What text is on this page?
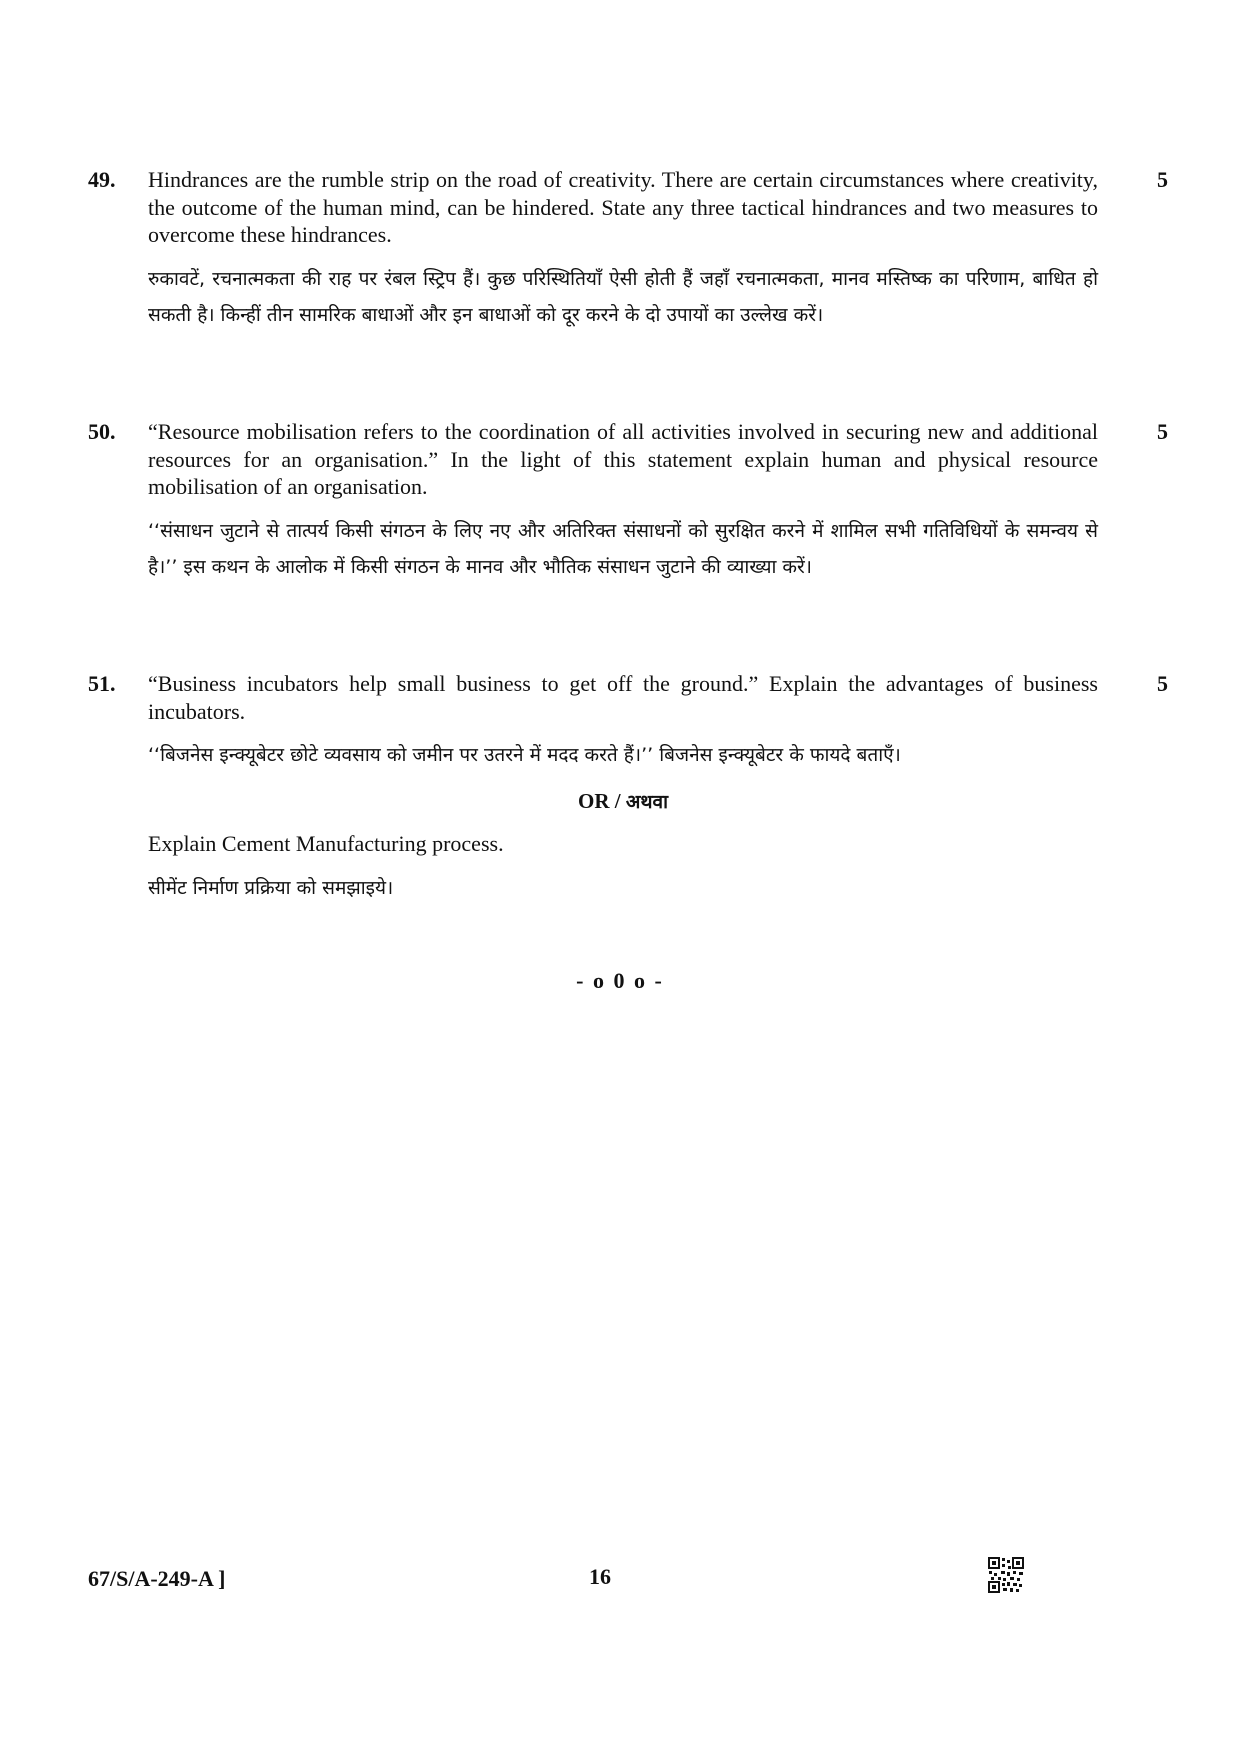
49.	5

Hindrances are the rumble strip on the road of creativity. There are certain circumstances where creativity, the outcome of the human mind, can be hindered. State any three tactical hindrances and two measures to overcome these hindrances.

रुकावटें, रचनात्मकता की राह पर रंबल स्ट्रिप हैं। कुछ परिस्थितियाँ ऐसी होती हैं जहाँ रचनात्मकता, मानव मस्तिष्क का परिणाम, बाधित हो सकती है। किन्हीं तीन सामरिक बाधाओं और इन बाधाओं को दूर करने के दो उपायों का उल्लेख करें।

50.	5

“Resource mobilisation refers to the coordination of all activities involved in securing new and additional resources for an organisation.” In the light of this statement explain human and physical resource mobilisation of an organisation.

‘‘संसाधन जुटाने से तात्पर्य किसी संगठन के लिए नए और अतिरिक्त संसाधनों को सुरक्षित करने में शामिल सभी गतिविधियों के समन्वय से है।’’ इस कथन के आलोक में किसी संगठन के मानव और भौतिक संसाधन जुटाने की व्याख्या करें।

51.	5

“Business incubators help small business to get off the ground.” Explain the advantages of business incubators.

‘‘बिजनेस इन्क्यूबेटर छोटे व्यवसाय को जमीन पर उतरने में मदद करते हैं।’’ बिजनेस इन्क्यूबेटर के फायदे बताएँ।

OR / अथवा

Explain Cement Manufacturing process.

सीमेंट निर्माण प्रक्रिया को समझाइये।

- o 0 o -
67/S/A-249-A ]	16
